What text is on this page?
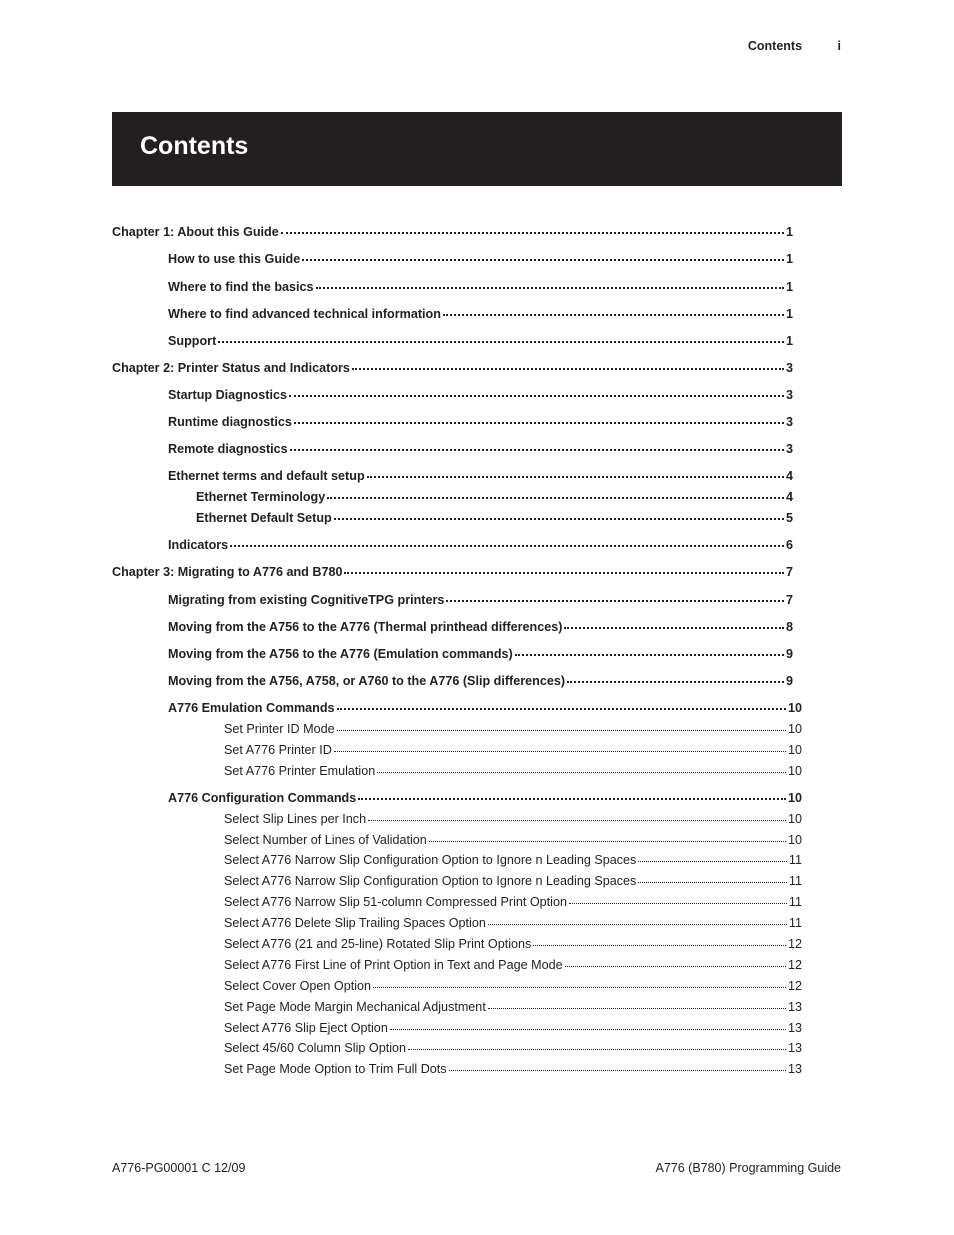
Contents	i
Contents
Chapter 1: About this Guide	1
How to use this Guide	1
Where to find the basics	1
Where to find advanced technical information	1
Support	1
Chapter 2: Printer Status and Indicators	3
Startup Diagnostics	3
Runtime diagnostics	3
Remote diagnostics	3
Ethernet terms and default setup	4
Ethernet Terminology	4
Ethernet Default Setup	5
Indicators	6
Chapter 3: Migrating to A776 and B780	7
Migrating from existing CognitiveTPG printers	7
Moving from the A756 to the A776 (Thermal printhead differences)	8
Moving from the A756 to the A776 (Emulation commands)	9
Moving from the A756, A758, or A760 to the A776 (Slip differences)	9
A776 Emulation Commands	10
Set Printer ID Mode	10
Set A776 Printer ID	10
Set A776 Printer Emulation	10
A776 Configuration Commands	10
Select Slip Lines per Inch	10
Select Number of Lines of Validation	10
Select A776 Narrow Slip Configuration Option to Ignore n Leading Spaces	11
Select A776 Narrow Slip Configuration Option to Ignore n Leading Spaces	11
Select A776 Narrow Slip 51-column Compressed Print Option	11
Select A776 Delete Slip Trailing Spaces Option	11
Select A776 (21 and 25-line) Rotated Slip Print Options	12
Select A776 First Line of Print Option in Text and Page Mode	12
Select Cover Open Option	12
Set Page Mode Margin Mechanical Adjustment	13
Select A776 Slip Eject Option	13
Select 45/60 Column Slip Option	13
Set Page Mode Option to Trim Full Dots	13
A776-PG00001 C 12/09	A776 (B780) Programming Guide
